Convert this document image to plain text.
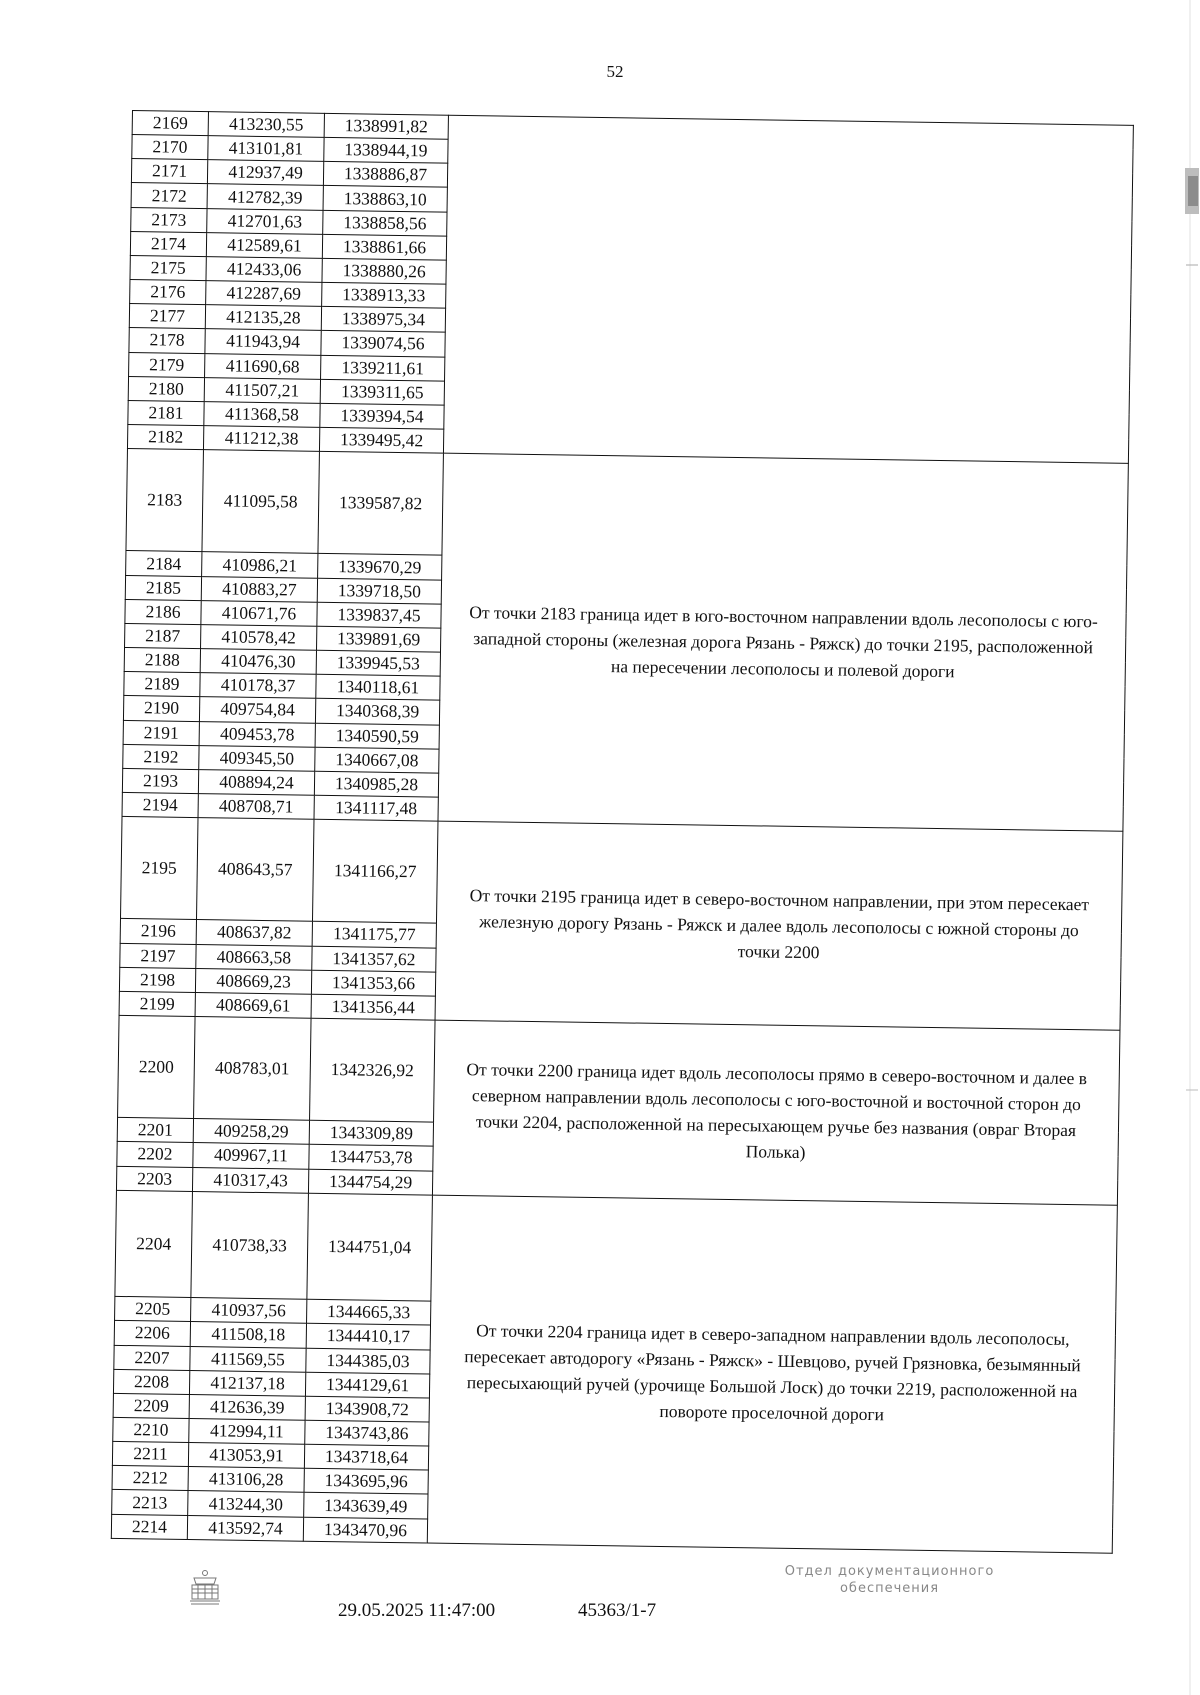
52
2169	413230,55	1338991,82	
2170	413101,81	1338944,19	
2171	412937,49	1338886,87	
2172	412782,39	1338863,10	
2173	412701,63	1338858,56	
2174	412589,61	1338861,66	
2175	412433,06	1338880,26	
2176	412287,69	1338913,33	
2177	412135,28	1338975,34	
2178	411943,94	1339074,56	
2179	411690,68	1339211,61	
2180	411507,21	1339311,65	
2181	411368,58	1339394,54	
2182	411212,38	1339495,42	
2183	411095,58	1339587,82	От точки 2183 граница идет в юго-восточном направлении вдоль лесополосы с юго-западной стороны (железная дорога Рязань - Ряжск) до точки 2195, расположенной на пересечении лесополосы и полевой дороги
2184	410986,21	1339670,29	
2185	410883,27	1339718,50	
2186	410671,76	1339837,45	
2187	410578,42	1339891,69	
2188	410476,30	1339945,53	
2189	410178,37	1340118,61	
2190	409754,84	1340368,39	
2191	409453,78	1340590,59	
2192	409345,50	1340667,08	
2193	408894,24	1340985,28	
2194	408708,71	1341117,48	
2195	408643,57	1341166,27	От точки 2195 граница идет в северо-восточном направлении, при этом пересекает железную дорогу Рязань - Ряжск и далее вдоль лесополосы с южной стороны до точки 2200
2196	408637,82	1341175,77	
2197	408663,58	1341357,62	
2198	408669,23	1341353,66	
2199	408669,61	1341356,44	
2200	408783,01	1342326,92	От точки 2200 граница идет вдоль лесополосы прямо в северо-восточном и далее в северном направлении вдоль лесополосы с юго-восточной и восточной сторон до точки 2204, расположенной на пересыхающем ручье без названия (овраг Вторая Полька)
2201	409258,29	1343309,89	
2202	409967,11	1344753,78	
2203	410317,43	1344754,29	
2204	410738,33	1344751,04	От точки 2204 граница идет в северо-западном направлении вдоль лесополосы, пересекает автодорогу «Рязань - Ряжск» - Шевцово, ручей Грязновка, безымянный пересыхающий ручей (урочище Большой Лоск) до точки 2219, расположенной на повороте проселочной дороги
2205	410937,56	1344665,33	
2206	411508,18	1344410,17	
2207	411569,55	1344385,03	
2208	412137,18	1344129,61	
2209	412636,39	1343908,72	
2210	412994,11	1343743,86	
2211	413053,91	1343718,64	
2212	413106,28	1343695,96	
2213	413244,30	1343639,49	
2214	413592,74	1343470,96	
29.05.2025 11:47:00	45363/1-7
Отдел документационного
обеспечения
